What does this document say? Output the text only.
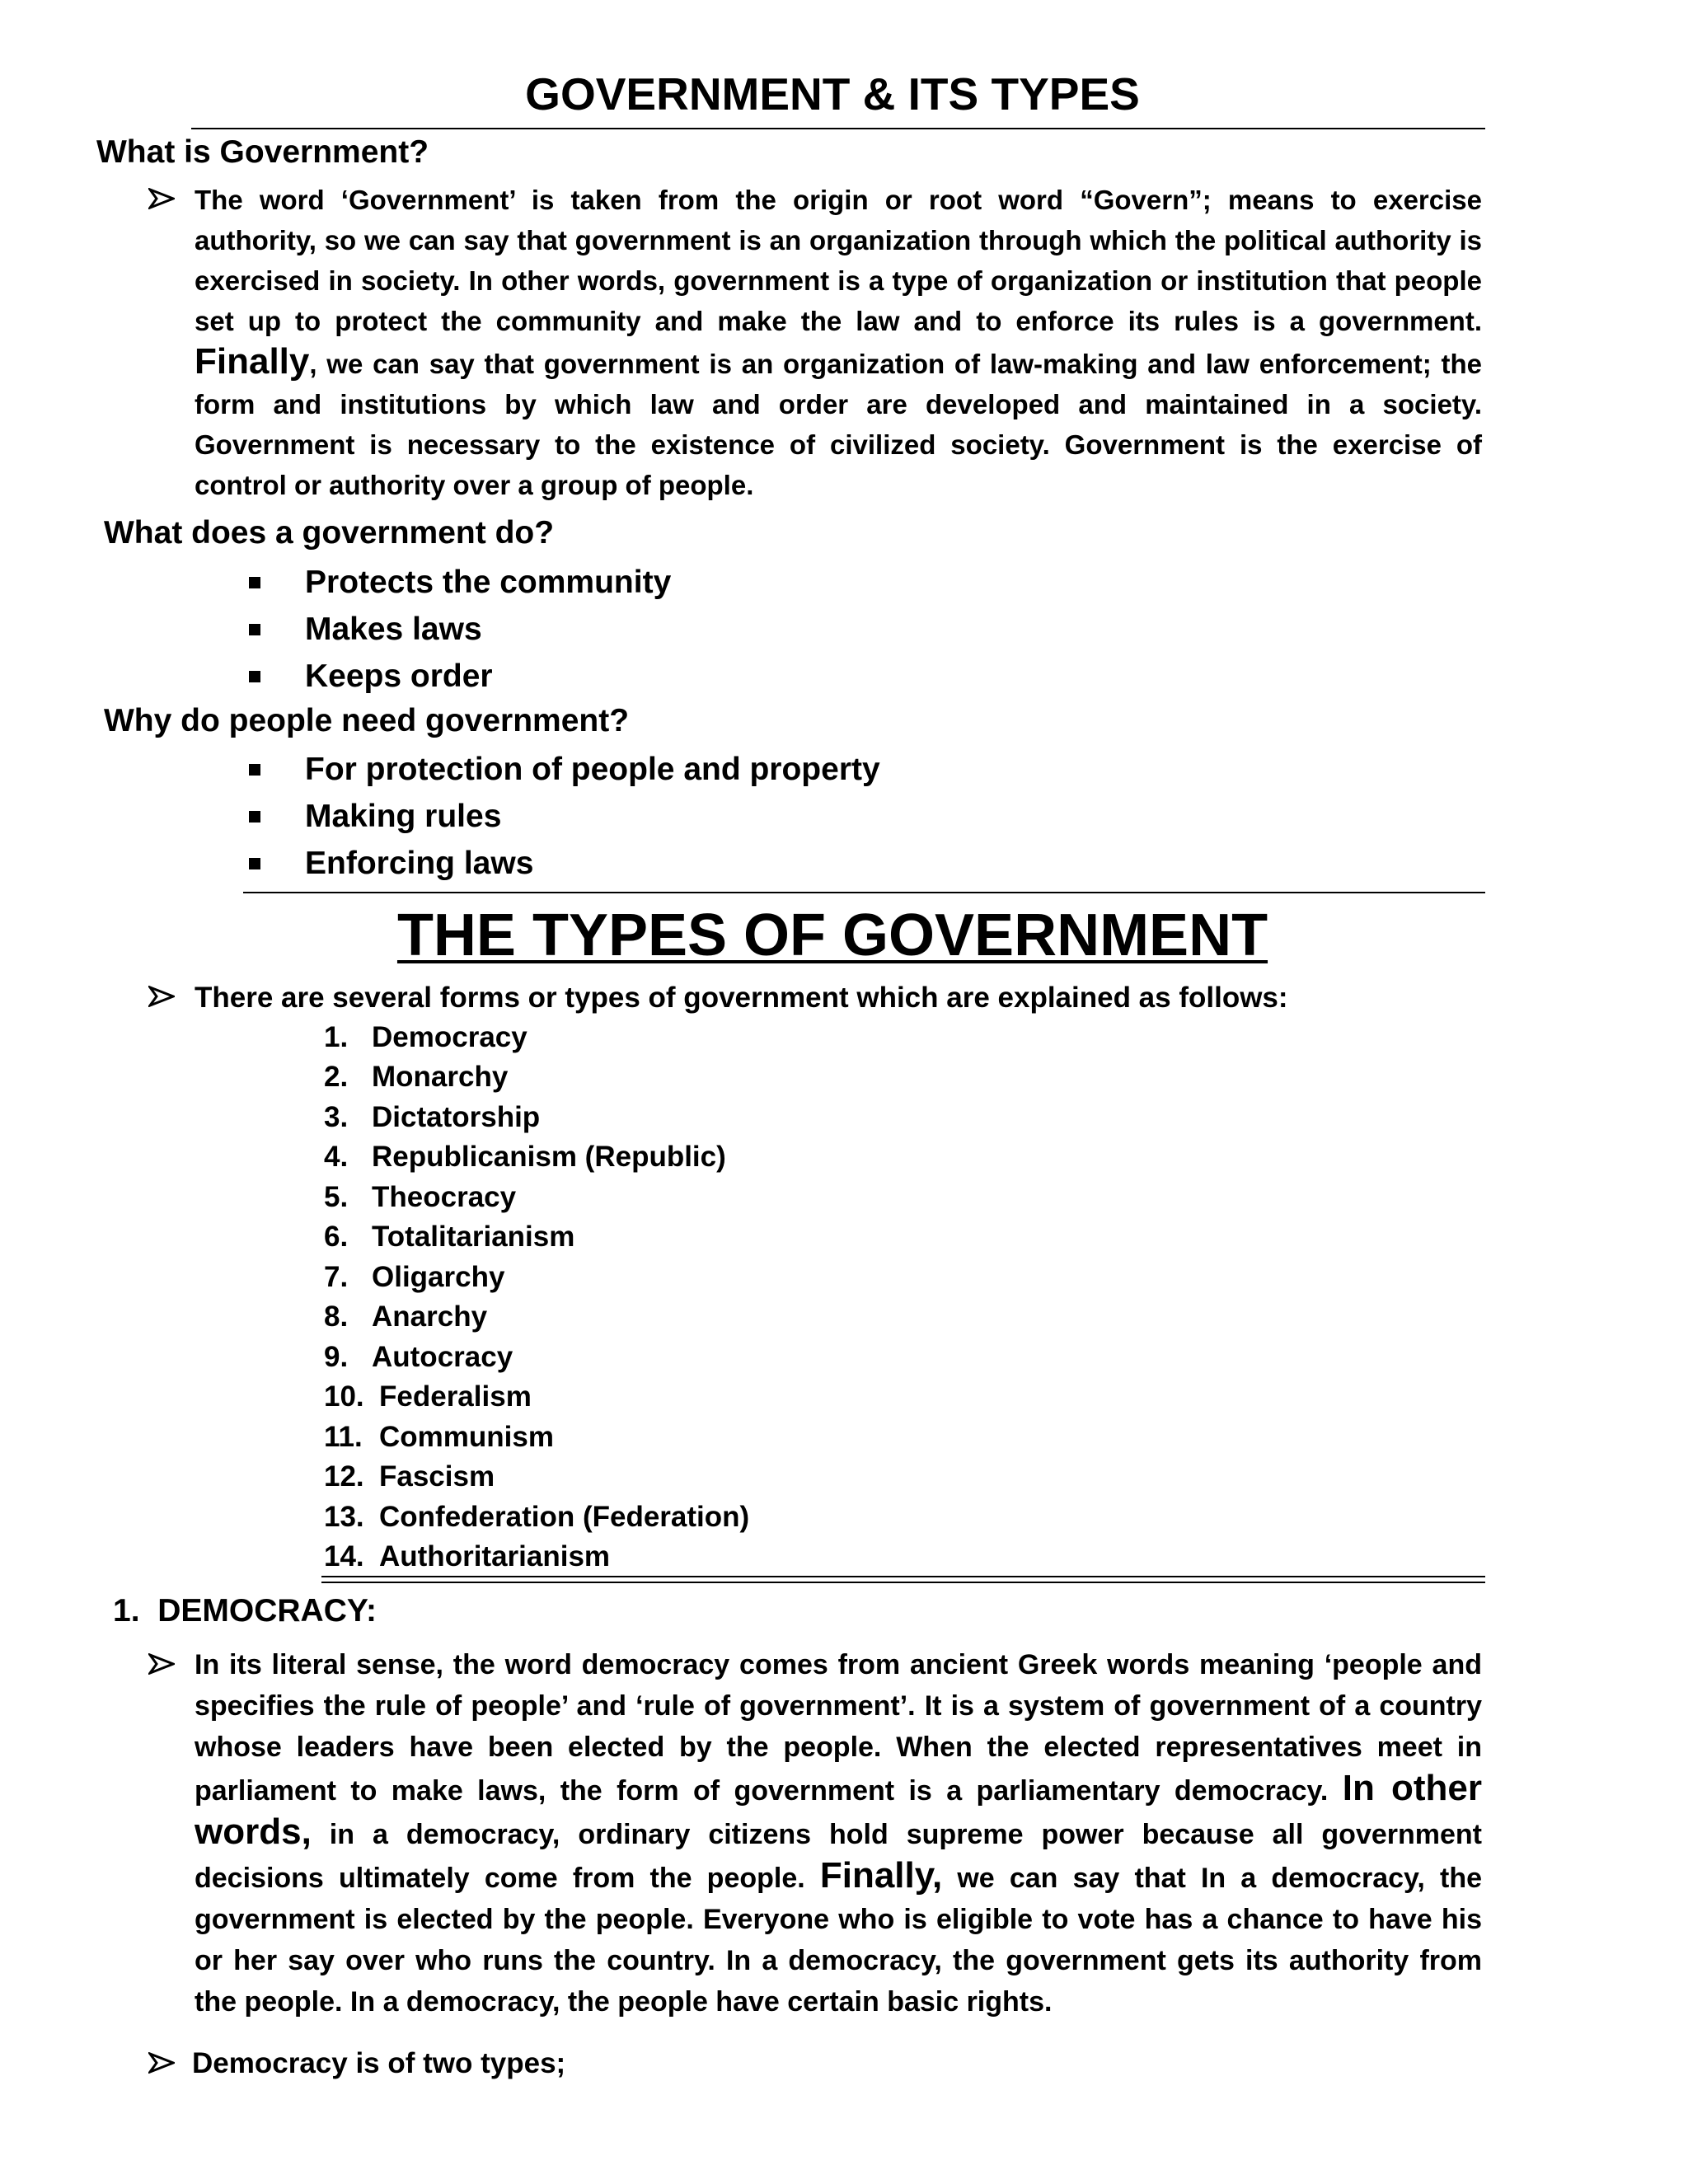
GOVERNMENT & ITS TYPES
What is Government?

The word ‘Government’ is taken from the origin or root word “Govern”; means to exercise authority, so we can say that government is an organization through which the political authority is exercised in society. In other words, government is a type of organization or institution that people set up to protect the community and make the law and to enforce its rules is a government. Finally, we can say that government is an organization of law-making and law enforcement; the form and institutions by which law and order are developed and maintained in a society. Government is necessary to the existence of civilized society. Government is the exercise of control or authority over a group of people.

What does a government do?

Protects the community

Makes laws

Keeps order

Why do people need government?

For protection of people and property

Making rules

Enforcing laws

THE TYPES OF GOVERNMENT

There are several forms or types of government which are explained as follows:

1. Democracy

2. Monarchy

3. Dictatorship

4. Republicanism (Republic)

5. Theocracy

6. Totalitarianism

7. Oligarchy

8. Anarchy

9. Autocracy

10. Federalism

11. Communism

12. Fascism

13. Confederation (Federation)

14. Authoritarianism

1. DEMOCRACY:

In its literal sense, the word democracy comes from ancient Greek words meaning ‘people and specifies the rule of people’ and ‘rule of government’. It is a system of government of a country whose leaders have been elected by the people. When the elected representatives meet in parliament to make laws, the form of government is a parliamentary democracy. In other words, in a democracy, ordinary citizens hold supreme power because all government decisions ultimately come from the people. Finally, we can say that In a democracy, the government is elected by the people. Everyone who is eligible to vote has a chance to have his or her say over who runs the country. In a democracy, the government gets its authority from the people. In a democracy, the people have certain basic rights.

Democracy is of two types;
